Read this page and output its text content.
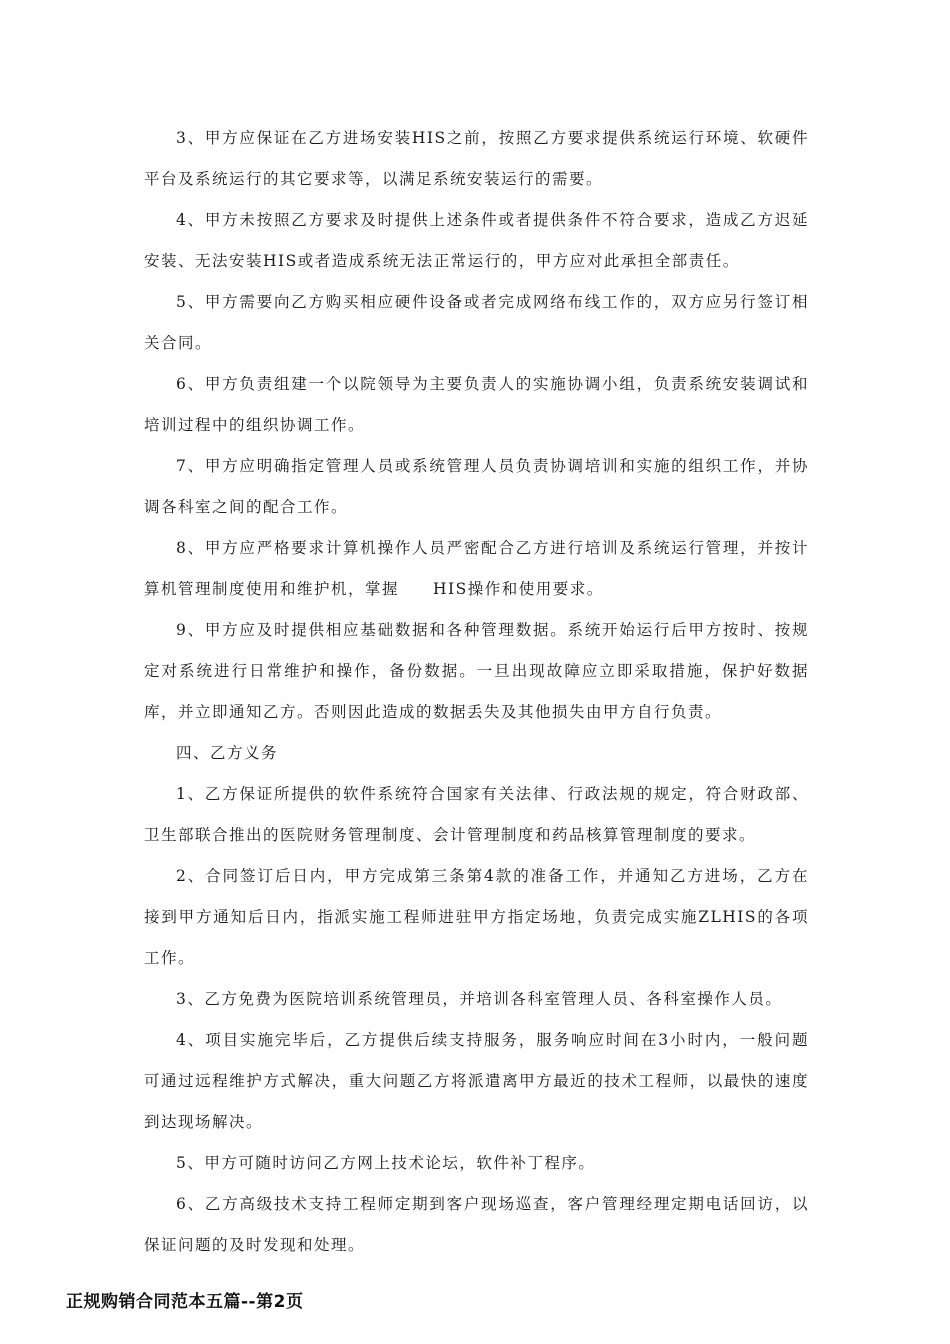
3、甲方应保证在乙方进场安装HIS之前，按照乙方要求提供系统运行环境、软硬件平台及系统运行的其它要求等，以满足系统安装运行的需要。

4、甲方未按照乙方要求及时提供上述条件或者提供条件不符合要求，造成乙方迟延安装、无法安装HIS或者造成系统无法正常运行的，甲方应对此承担全部责任。

5、甲方需要向乙方购买相应硬件设备或者完成网络布线工作的，双方应另行签订相关合同。

6、甲方负责组建一个以院领导为主要负责人的实施协调小组，负责系统安装调试和培训过程中的组织协调工作。

7、甲方应明确指定管理人员或系统管理人员负责协调培训和实施的组织工作，并协调各科室之间的配合工作。

8、甲方应严格要求计算机操作人员严密配合乙方进行培训及系统运行管理，并按计算机管理制度使用和维护机，掌握　　HIS操作和使用要求。

9、甲方应及时提供相应基础数据和各种管理数据。系统开始运行后甲方按时、按规定对系统进行日常维护和操作，备份数据。一旦出现故障应立即采取措施，保护好数据库，并立即通知乙方。否则因此造成的数据丢失及其他损失由甲方自行负责。

四、乙方义务

1、乙方保证所提供的软件系统符合国家有关法律、行政法规的规定，符合财政部、卫生部联合推出的医院财务管理制度、会计管理制度和药品核算管理制度的要求。

2、合同签订后日内，甲方完成第三条第4款的准备工作，并通知乙方进场，乙方在接到甲方通知后日内，指派实施工程师进驻甲方指定场地，负责完成实施ZLHIS的各项工作。

3、乙方免费为医院培训系统管理员，并培训各科室管理人员、各科室操作人员。

4、项目实施完毕后，乙方提供后续支持服务，服务响应时间在3小时内，一般问题可通过远程维护方式解决，重大问题乙方将派遣离甲方最近的技术工程师，以最快的速度到达现场解决。

5、甲方可随时访问乙方网上技术论坛，软件补丁程序。

6、乙方高级技术支持工程师定期到客户现场巡查，客户管理经理定期电话回访，以保证问题的及时发现和处理。

正规购销合同范本五篇--第2页
